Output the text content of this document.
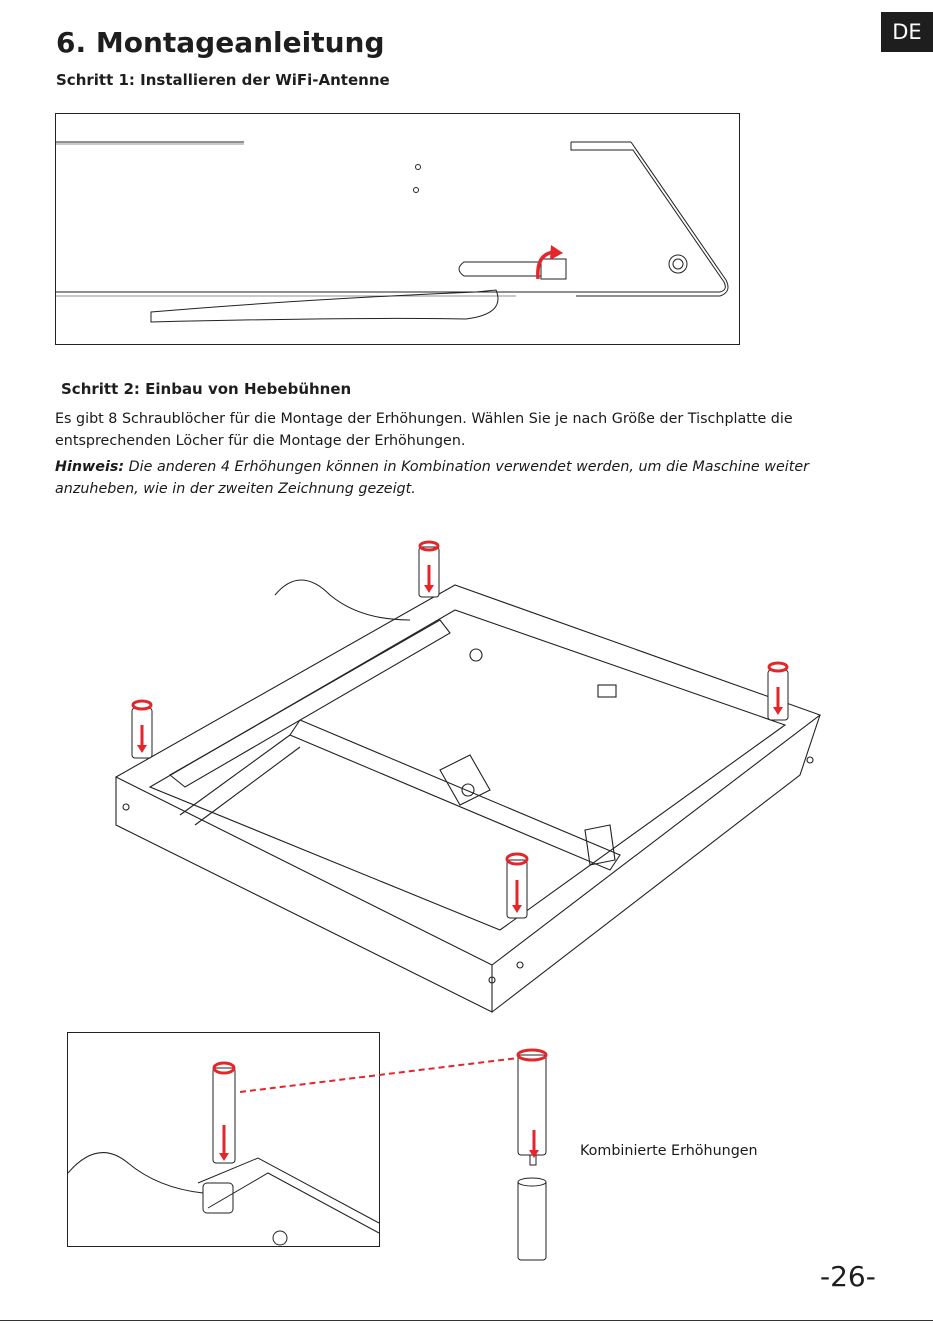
DE
6. Montageanleitung
Schritt 1: Installieren der WiFi-Antenne
Schritt 2: Einbau von Hebebühnen

Es gibt 8 Schraublöcher für die Montage der Erhöhungen. Wählen Sie je nach Größe der Tischplatte die entsprechenden Löcher für die Montage der Erhöhungen.

Hinweis: Die anderen 4 Erhöhungen können in Kombination verwendet werden, um die Maschine weiter anzuheben, wie in der zweiten Zeichnung gezeigt.

Kombinierte Erhöhungen
-26-
